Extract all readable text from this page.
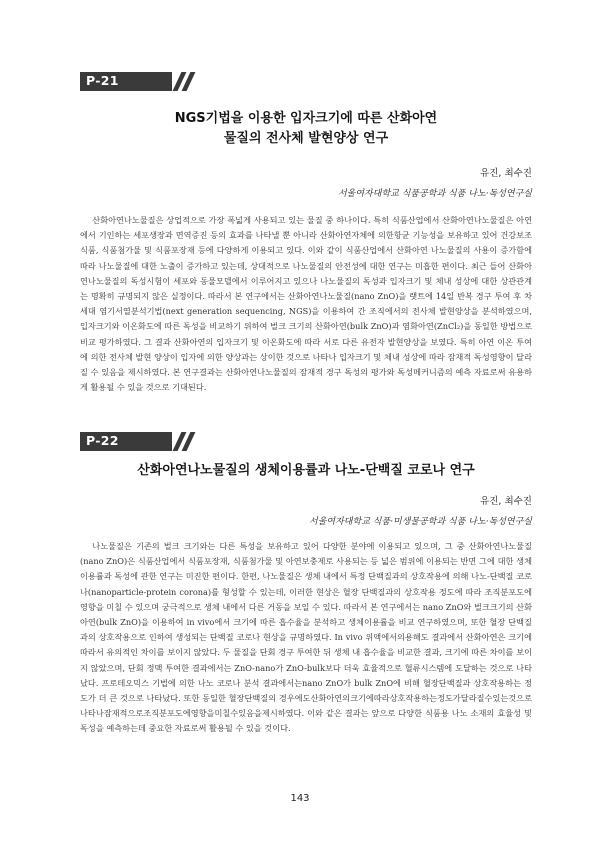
P-21
NGS기법을 이용한 입자크기에 따른 산화아연
물질의 전사체 발현양상 연구
유진, 최수진
서울여자대학교 식품공학과 식품 나노·독성연구실
산화아연나노물질은 상업적으로 가장 폭넓게 사용되고 있는 물질 중 하나이다. 특히 식품산업에서 산화아연나노물질은 아연에서 기인하는 세포생장과 면역증진 등의 효과를 나타낼 뿐 아니라 산화아연자체에 의한항균 기능성을 보유하고 있어 건강보조식품, 식품첨가물 및 식품포장재 등에 다양하게 이용되고 있다. 이와 같이 식품산업에서 산화아연 나노물질의 사용이 증가함에 따라 나노물질에 대한 노출이 증가하고 있는데, 상대적으로 나노물질의 안전성에 대한 연구는 미흡한 편이다. 최근 들어 산화아연나노물질의 독성시험이 세포와 동물모델에서 이루어지고 있으나 나노물질의 독성과 입자크기 및 체내 성상에 대한 상관관계는 명확히 규명되지 않은 실정이다. 따라서 본 연구에서는 산화아연나노물질(nano ZnO)을 랫트에 14일 반복 경구 투여 후 차세대 염기서열분석기법(next generation sequencing, NGS)을 이용하여 간 조직에서의 전사체 발현양상을 분석하였으며, 입자크기와 이온화도에 따른 독성을 비교하기 위하여 벌크 크기의 산화아연(bulk ZnO)과 염화아연(ZnCl₂)을 동일한 방법으로 비교 평가하였다. 그 결과 산화아연의 입자크기 및 이온화도에 따라 서로 다른 유전자 발현양상을 보였다. 특히 아연 이온 투여에 의한 전사체 발현 양상이 입자에 의한 양상과는 상이한 것으로 나타나 입자크기 및 체내 성상에 따라 잠재적 독성영향이 달라질 수 있음을 제시하였다. 본 연구결과는 산화아연나노물질의 잠재적 경구 독성의 평가와 독성메커니즘의 예측 자료로써 유용하게 활용될 수 있을 것으로 기대된다.
P-22
산화아연나노물질의 생체이용률과 나노-단백질 코로나 연구
유진, 최수진
서울여자대학교 식품·미생물공학과 식품 나노·독성연구실
나노물질은 기존의 벌크 크기와는 다른 특성을 보유하고 있어 다양한 분야에 이용되고 있으며, 그 중 산화아연나노물질(nano ZnO)은 식품산업에서 식품포장재, 식품첨가물 및 아연보충제로 사용되는 등 넓은 범위에 이용되는 반면 그에 대한 생체이용률과 독성에 관한 연구는 미진한 편이다. 한편, 나노물질은 생체 내에서 특정 단백질과의 상호작용에 의해 나노-단백질 코로나(nanoparticle-protein corona)를 형성할 수 있는데, 이러한 현상은 혈장 단백질과의 상호작용 정도에 따라 조직분포도에 영향을 미칠 수 있으며 궁극적으로 생체 내에서 다른 거동을 보일 수 있다. 따라서 본 연구에서는 nano ZnO와 벌크크기의 산화아연(bulk ZnO)을 이용하여 in vivo에서 크기에 따른 흡수율을 분석하고 생체이용률을 비교 연구하였으며, 또한 혈장 단백질과의 상호작용으로 인하여 생성되는 단백질 코로나 현상을 규명하였다. In vivo 위액에서의용해도 결과에서 산화아연은 크기에 따라서 유의적인 차이를 보이지 않았다. 두 물질을 단회 경구 투여한 뒤 생체 내 흡수율을 비교한 결과, 크기에 따른 차이를 보이지 않았으며, 단회 정맥 투여한 결과에서는 ZnO-nano가 ZnO-bulk보다 더욱 효율적으로 혈류시스템에 도달하는 것으로 나타났다. 프로테오믹스 기법에 의한 나노 코로나 분석 결과에서는nano ZnO가 bulk ZnO에 비해 혈장단백질과 상호작용하는 정도가 더 큰 것으로 나타났다. 또한 동일한 혈장단백질의 경우에도산화아연의크기에따라상호작용하는정도가달라질수있는것으로나타나잠재적으로조직분포도에영향을미칠수있음을제시하였다. 이와 같은 결과는 앞으로 다양한 식품용 나노 소재의 효율성 및 독성을 예측하는데 중요한 자료로써 활용될 수 있을 것이다.
143
